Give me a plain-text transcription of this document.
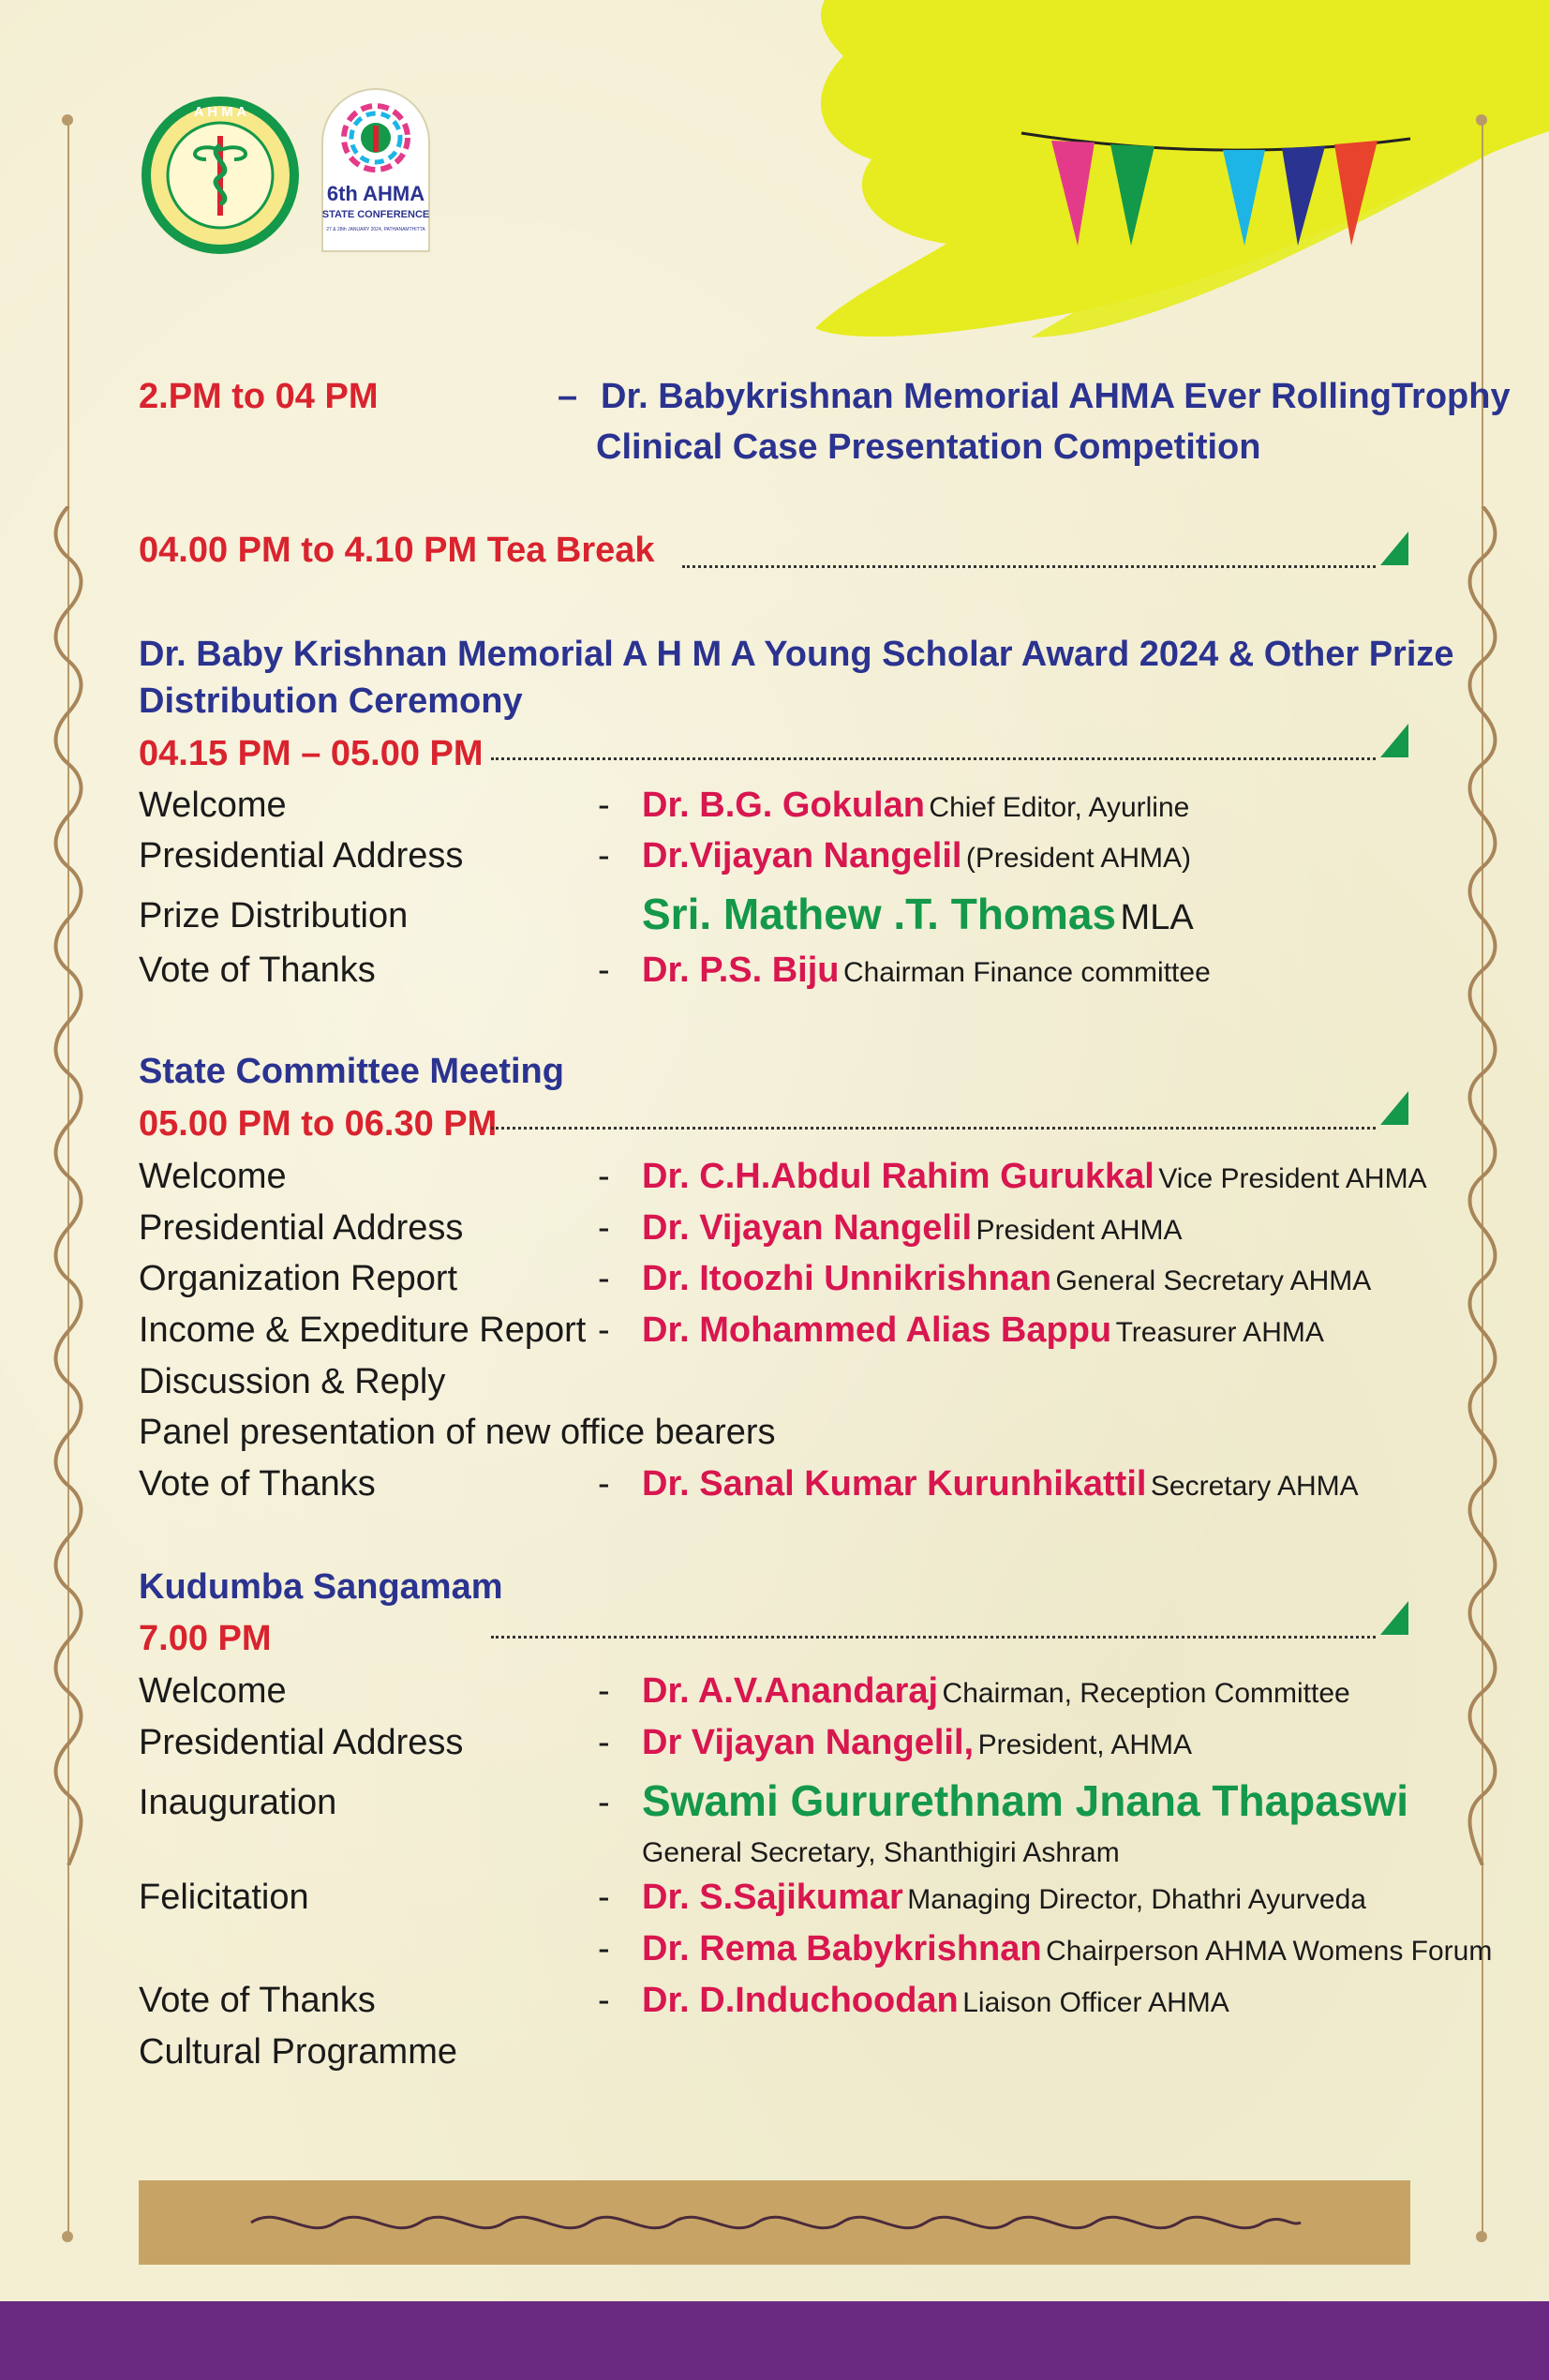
A H M A
6th AHMA
STATE CONFERENCE
27 & 28th JANUARY 2024, PATHANAMTHITTA
2.PM to 04 PM	– Dr. Babykrishnan Memorial AHMA Ever RollingTrophy
Clinical Case Presentation Competition
04.00 PM to 4.10 PM Tea Break
Dr. Baby Krishnan Memorial A H M A Young Scholar Award 2024 & Other Prize
Distribution Ceremony
04.15 PM – 05.00 PM
Welcome	- Dr. B.G. Gokulan Chief Editor, Ayurline
Presidential Address	- Dr.Vijayan Nangelil (President AHMA)
Prize Distribution	Sri. Mathew .T. Thomas MLA
Vote of Thanks	- Dr. P.S. Biju Chairman Finance committee
State Committee Meeting
05.00 PM to 06.30 PM
Welcome	- Dr. C.H.Abdul Rahim Gurukkal Vice President AHMA
Presidential Address	- Dr. Vijayan Nangelil President AHMA
Organization Report	- Dr. Itoozhi Unnikrishnan General Secretary AHMA
Income & Expediture Report - Dr. Mohammed Alias Bappu Treasurer AHMA
Discussion & Reply
Panel presentation of new office bearers
Vote of Thanks	- Dr. Sanal Kumar Kurunhikattil Secretary AHMA
Kudumba Sangamam
7.00 PM
Welcome	- Dr. A.V.Anandaraj Chairman, Reception Committee
Presidential Address	- Dr Vijayan Nangelil, President, AHMA
Inauguration	- Swami Gururethnam Jnana Thapaswi
General Secretary, Shanthigiri Ashram
Felicitation	- Dr. S.Sajikumar Managing Director, Dhathri Ayurveda
- Dr. Rema Babykrishnan Chairperson AHMA Womens Forum
Vote of Thanks	- Dr. D.Induchoodan Liaison Officer AHMA
Cultural Programme
